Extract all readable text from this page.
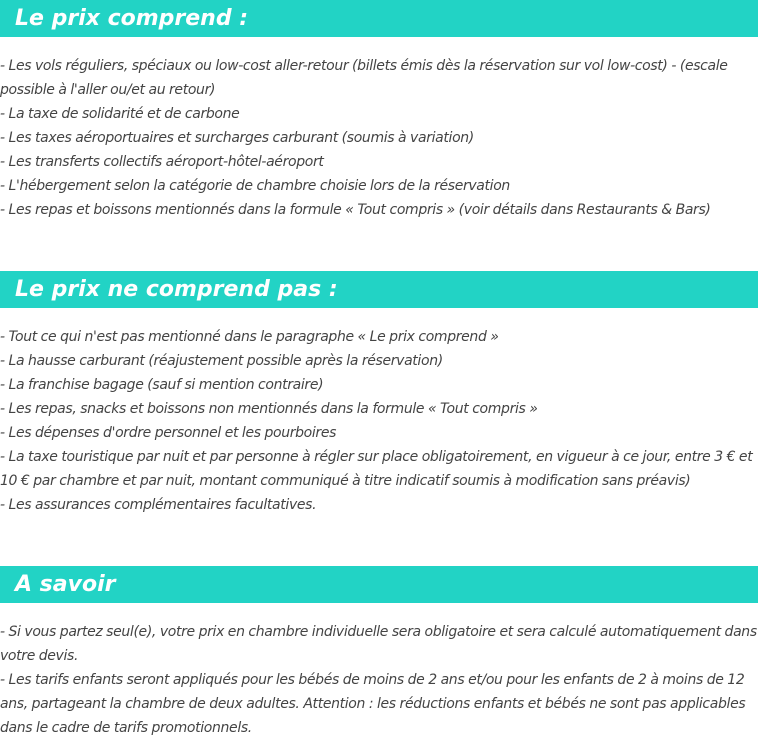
Le prix comprend :
- Les vols réguliers, spéciaux ou low-cost aller-retour (billets émis dès la réservation sur vol low-cost) - (escale possible à l'aller ou/et au retour)
- La taxe de solidarité et de carbone
- Les taxes aéroportuaires et surcharges carburant (soumis à variation)
- Les transferts collectifs aéroport-hôtel-aéroport
- L'hébergement selon la catégorie de chambre choisie lors de la réservation
- Les repas et boissons mentionnés dans la formule « Tout compris » (voir détails dans Restaurants & Bars)
Le prix ne comprend pas :
- Tout ce qui n'est pas mentionné dans le paragraphe « Le prix comprend »
- La hausse carburant (réajustement possible après la réservation)
- La franchise bagage (sauf si mention contraire)
- Les repas, snacks et boissons non mentionnés dans la formule « Tout compris »
- Les dépenses d'ordre personnel et les pourboires
- La taxe touristique par nuit et par personne à régler sur place obligatoirement, en vigueur à ce jour, entre 3 € et 10 € par chambre et par nuit, montant communiqué à titre indicatif soumis à modification sans préavis)
- Les assurances complémentaires facultatives.
A savoir
- Si vous partez seul(e), votre prix en chambre individuelle sera obligatoire et sera calculé automatiquement dans votre devis.
- Les tarifs enfants seront appliqués pour les bébés de moins de 2 ans et/ou pour les enfants de 2 à moins de 12 ans, partageant la chambre de deux adultes. Attention : les réductions enfants et bébés ne sont pas applicables dans le cadre de tarifs promotionnels.
